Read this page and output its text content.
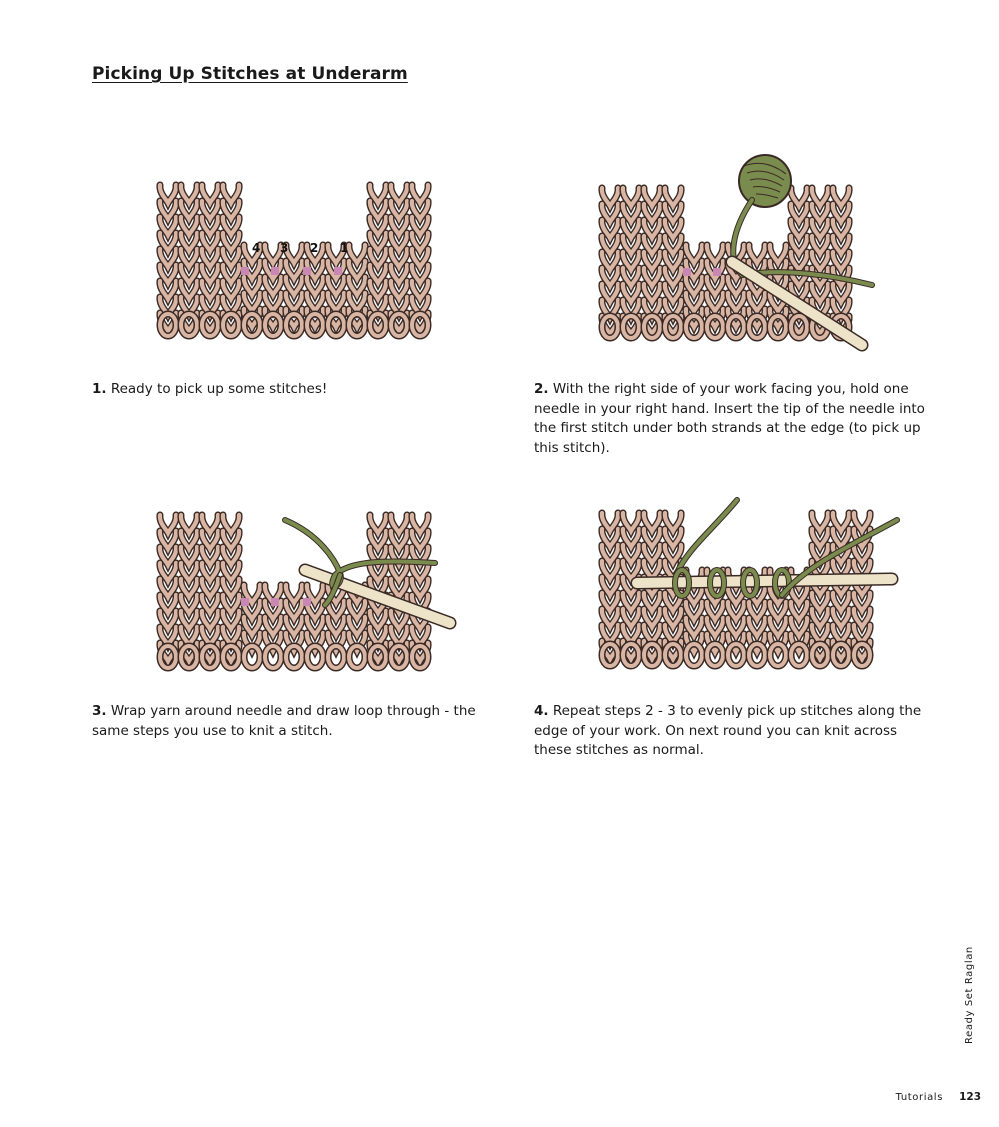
Picking Up Stitches at Underarm
4 3 2 1

1. Ready to pick up some stitches!	2. With the right side of your work facing you, hold one needle in your right hand. Insert the tip of the needle into the first stitch under both strands at the edge (to pick up this stitch).

3. Wrap yarn around needle and draw loop through - the same steps you use to knit a stitch.

4. Repeat steps 2 - 3 to evenly pick up stitches along the edge of your work. On next round you can knit across these stitches as normal.

Ready Set Raglan
Tutorials 123
